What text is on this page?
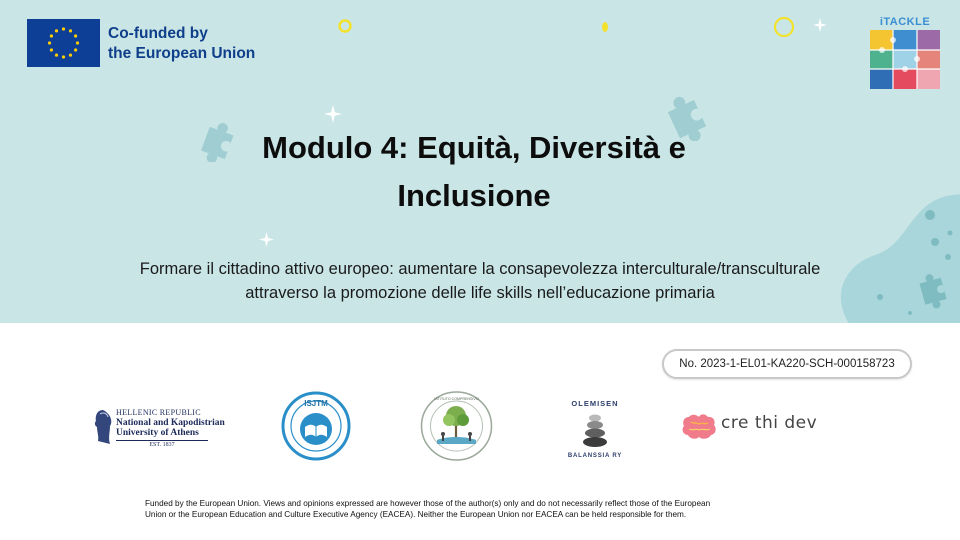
Co-funded by
the European Union
iTACKLE
Modulo 4: Equità, Diversità e
Inclusione
Formare il cittadino attivo europeo: aumentare la consapevolezza interculturale/transculturale
attraverso la promozione delle life skills nell’educazione primaria
No. 2023-1-EL01-KA220-SCH-000158723
HELLENIC REPUBLIC
National and Kapodistrian
University of Athens
EST. 1837
ISJTM	ISTITUTO COMPRENSIVO	OLEMISEN
BALANSSIA RY
cre thi dev
Funded by the European Union. Views and opinions expressed are however those of the author(s) only and do not necessarily reflect those of the European
Union or the European Education and Culture Executive Agency (EACEA). Neither the European Union nor EACEA can be held responsible for them.
